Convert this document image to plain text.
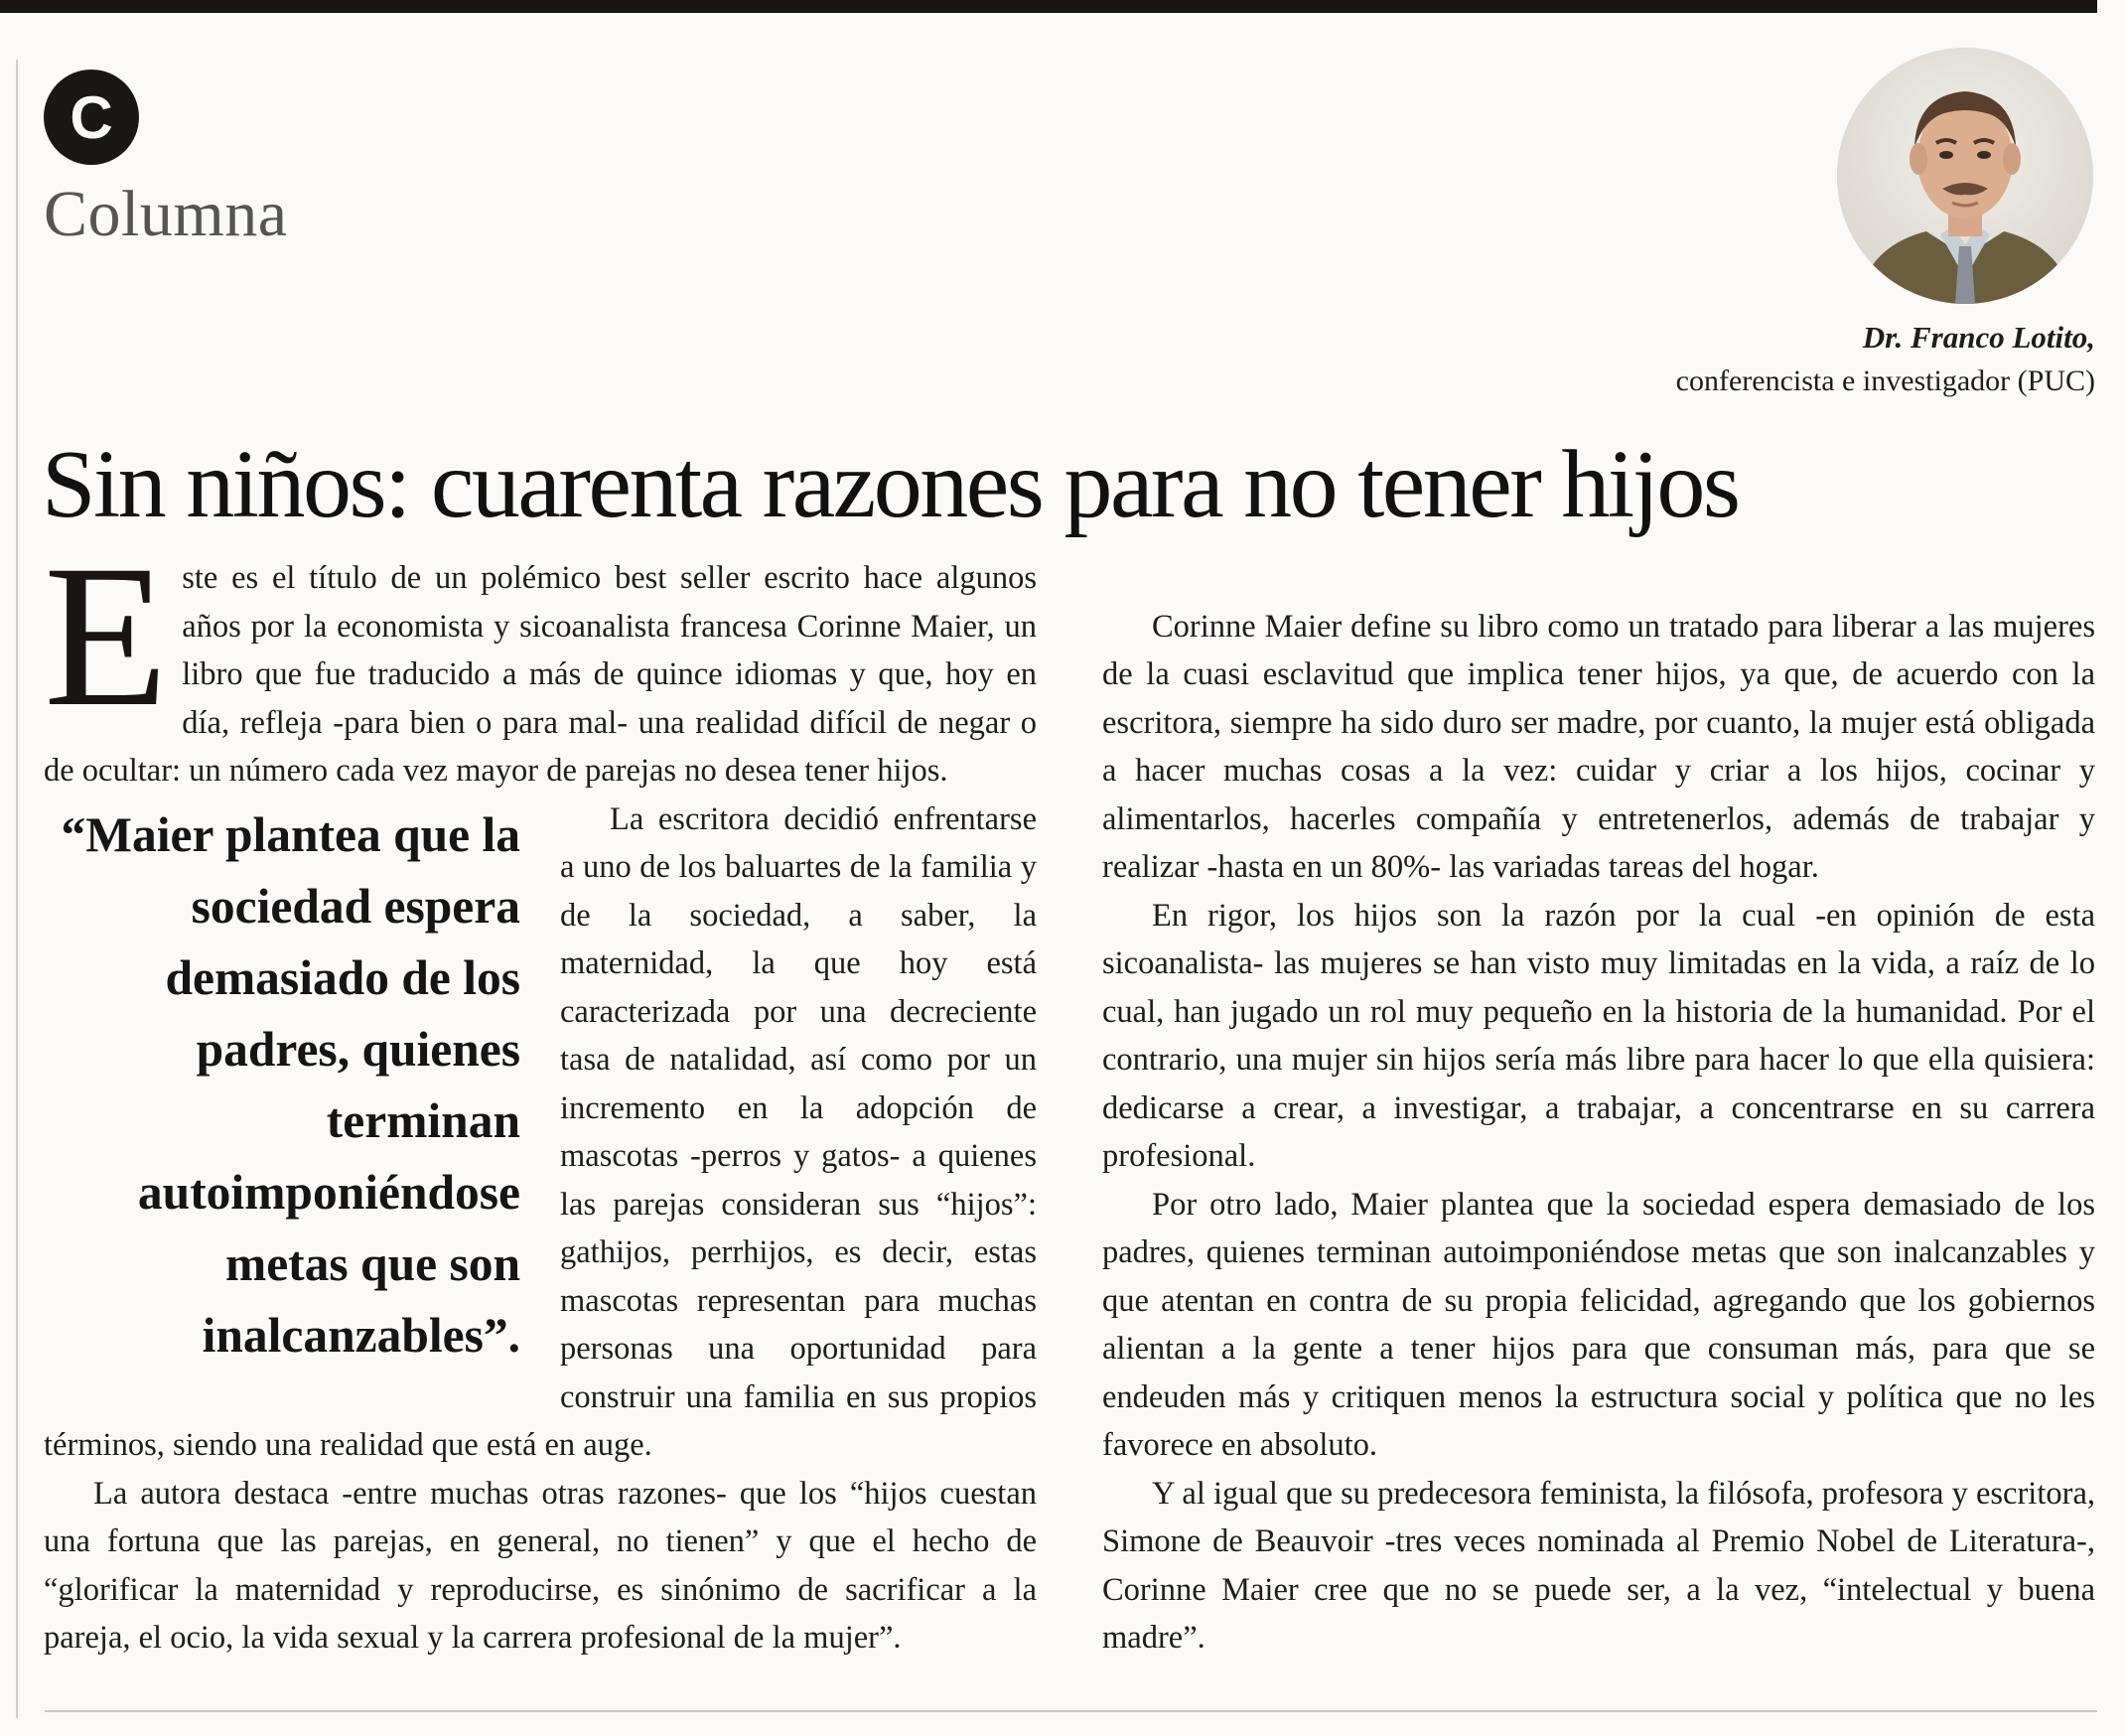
C
Columna
Dr. Franco Lotito,
conferencista e investigador (PUC)
Sin niños: cuarenta razones para no tener hijos
E ste es el título de un polémico best seller escrito hace algunos años por la economista y sicoanalista francesa Corinne Maier, un libro que fue traducido a más de quince idiomas y que, hoy en día, refleja -para bien o para mal- una realidad difícil de negar o de ocultar: un número cada vez mayor de parejas no desea tener hijos.

“Maier plantea que la sociedad espera demasiado de los padres, quienes terminan autoimponiéndose metas que son inalcanzables”.

La escritora decidió enfrentarse a uno de los baluartes de la familia y de la sociedad, a saber, la maternidad, la que hoy está caracterizada por una decreciente tasa de natalidad, así como por un incremento en la adopción de mascotas -perros y gatos- a quienes las parejas consideran sus “hijos”: gathijos, perrhijos, es decir, estas mascotas representan para muchas personas una oportunidad para construir una familia en sus propios términos, siendo una realidad que está en auge.

La autora destaca -entre muchas otras razones- que los “hijos cuestan una fortuna que las parejas, en general, no tienen” y que el hecho de “glorificar la maternidad y reproducirse, es sinónimo de sacrificar a la pareja, el ocio, la vida sexual y la carrera profesional de la mujer”.

Corinne Maier define su libro como un tratado para liberar a las mujeres de la cuasi esclavitud que implica tener hijos, ya que, de acuerdo con la escritora, siempre ha sido duro ser madre, por cuanto, la mujer está obligada a hacer muchas cosas a la vez: cuidar y criar a los hijos, cocinar y alimentarlos, hacerles compañía y entretenerlos, además de trabajar y realizar -hasta en un 80%- las variadas tareas del hogar.

En rigor, los hijos son la razón por la cual -en opinión de esta sicoanalista- las mujeres se han visto muy limitadas en la vida, a raíz de lo cual, han jugado un rol muy pequeño en la historia de la humanidad. Por el contrario, una mujer sin hijos sería más libre para hacer lo que ella quisiera: dedicarse a crear, a investigar, a trabajar, a concentrarse en su carrera profesional.

Por otro lado, Maier plantea que la sociedad espera demasiado de los padres, quienes terminan autoimponiéndose metas que son inalcanzables y que atentan en contra de su propia felicidad, agregando que los gobiernos alientan a la gente a tener hijos para que consuman más, para que se endeuden más y critiquen menos la estructura social y política que no les favorece en absoluto.

Y al igual que su predecesora feminista, la filósofa, profesora y escritora, Simone de Beauvoir -tres veces nominada al Premio Nobel de Literatura-, Corinne Maier cree que no se puede ser, a la vez, “intelectual y buena madre”.
